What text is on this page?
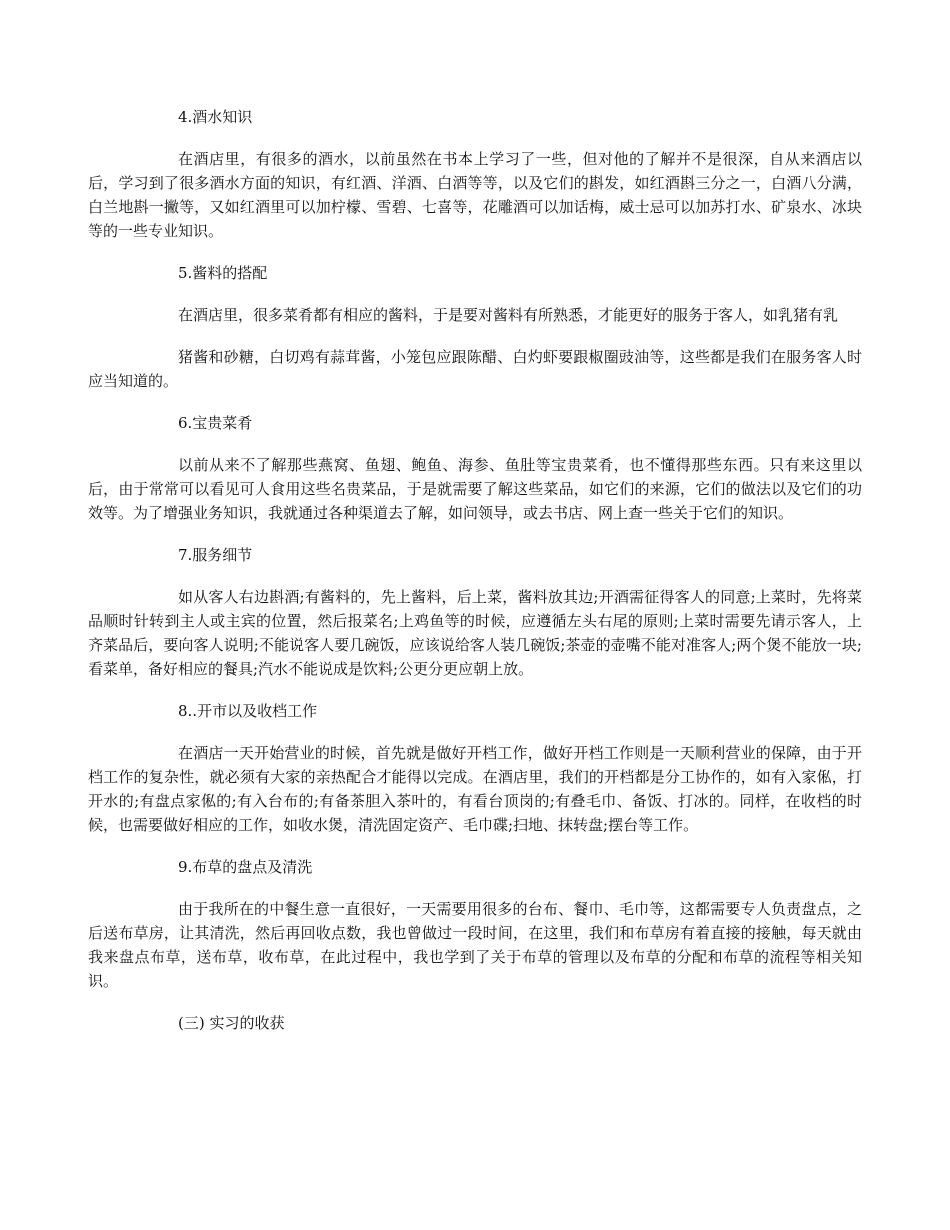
4.酒水知识
在酒店里，有很多的酒水，以前虽然在书本上学习了一些，但对他的了解并不是很深，自从来酒店以后，学习到了很多酒水方面的知识，有红酒、洋酒、白酒等等，以及它们的斟发，如红酒斟三分之一，白酒八分满，白兰地斟一撇等，又如红酒里可以加柠檬、雪碧、七喜等，花雕酒可以加话梅，威士忌可以加苏打水、矿泉水、冰块等的一些专业知识。
5.酱料的搭配
在酒店里，很多菜肴都有相应的酱料，于是要对酱料有所熟悉，才能更好的服务于客人，如乳猪有乳
猪酱和砂糖，白切鸡有蒜茸酱，小笼包应跟陈醋、白灼虾要跟椒圈豉油等，这些都是我们在服务客人时应当知道的。
6.宝贵菜肴
以前从来不了解那些燕窝、鱼翅、鲍鱼、海参、鱼肚等宝贵菜肴，也不懂得那些东西。只有来这里以后，由于常常可以看见可人食用这些名贵菜品，于是就需要了解这些菜品，如它们的来源，它们的做法以及它们的功效等。为了增强业务知识，我就通过各种渠道去了解，如问领导，或去书店、网上查一些关于它们的知识。
7.服务细节
如从客人右边斟酒;有酱料的，先上酱料，后上菜，酱料放其边;开酒需征得客人的同意;上菜时，先将菜品顺时针转到主人或主宾的位置，然后报菜名;上鸡鱼等的时候，应遵循左头右尾的原则;上菜时需要先请示客人，上齐菜品后，要向客人说明;不能说客人要几碗饭，应该说给客人装几碗饭;茶壶的壶嘴不能对准客人;两个煲不能放一块;看菜单，备好相应的餐具;汽水不能说成是饮料;公更分更应朝上放。
8..开市以及收档工作
在酒店一天开始营业的时候，首先就是做好开档工作，做好开档工作则是一天顺利营业的保障，由于开档工作的复杂性，就必须有大家的亲热配合才能得以完成。在酒店里，我们的开档都是分工协作的，如有入家俬，打开水的;有盘点家俬的;有入台布的;有备茶胆入茶叶的，有看台顶岗的;有叠毛巾、备饭、打冰的。同样，在收档的时候，也需要做好相应的工作，如收水煲，清洗固定资产、毛巾碟;扫地、抹转盘;摆台等工作。
9.布草的盘点及清洗
由于我所在的中餐生意一直很好，一天需要用很多的台布、餐巾、毛巾等，这都需要专人负责盘点，之后送布草房，让其清洗，然后再回收点数，我也曾做过一段时间，在这里，我们和布草房有着直接的接触，每天就由我来盘点布草，送布草，收布草，在此过程中，我也学到了关于布草的管理以及布草的分配和布草的流程等相关知识。
(三) 实习的收获
